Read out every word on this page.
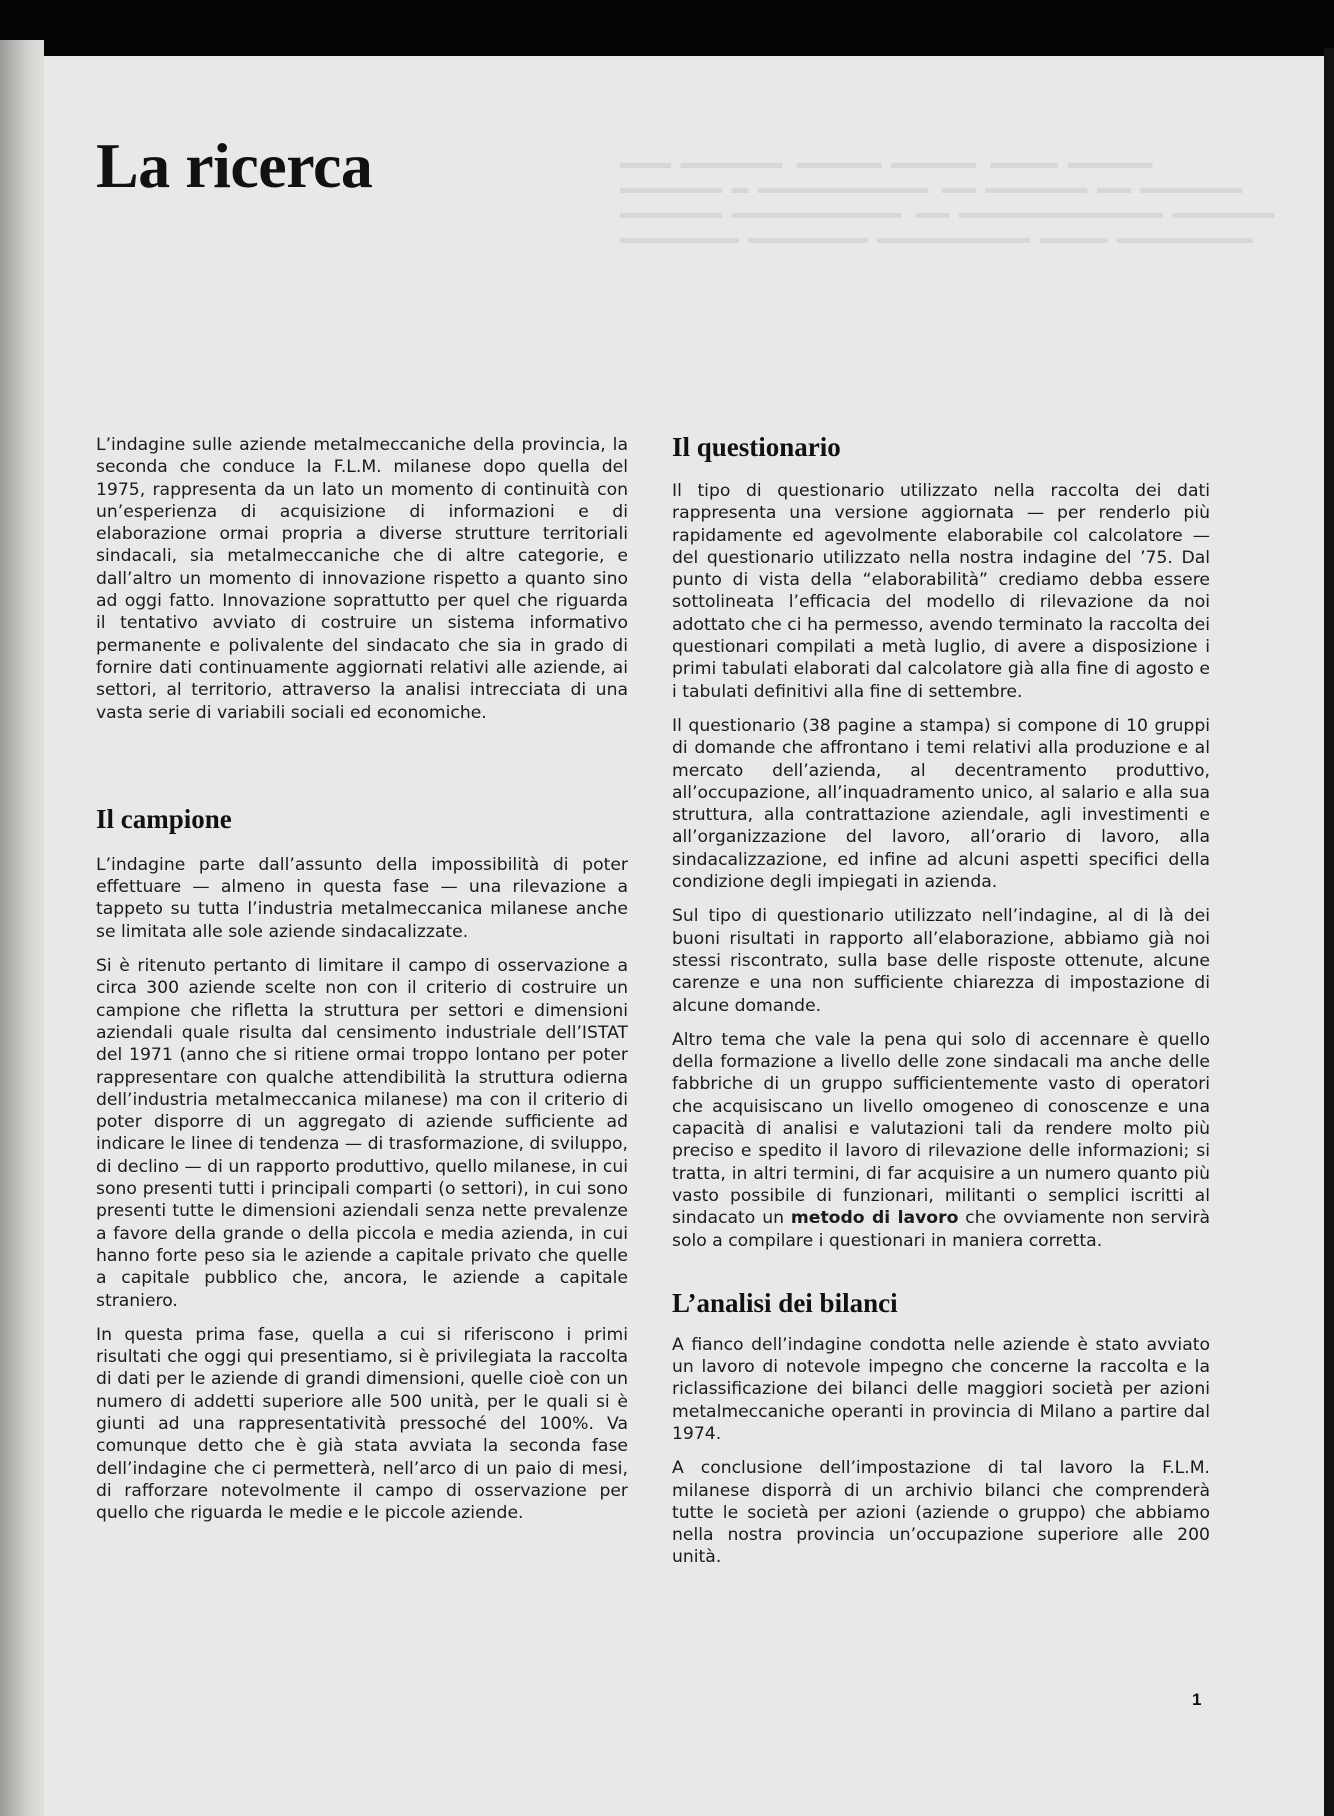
▬▬▬  ▬▬▬▬▬▬   ▬▬▬▬▬  ▬▬▬▬▬   ▬▬▬▬  ▬▬▬▬▬
▬▬▬▬▬▬  ▬  ▬▬▬▬▬▬▬▬▬▬   ▬▬  ▬▬▬▬▬▬  ▬▬  ▬▬▬▬▬▬
▬▬▬▬▬▬  ▬▬▬▬▬▬▬▬▬▬   ▬▬  ▬▬▬▬▬▬▬▬▬▬▬▬  ▬▬▬▬▬▬
▬▬▬▬▬▬▬  ▬▬▬▬▬▬▬  ▬▬▬▬▬▬▬▬▬  ▬▬▬▬  ▬▬▬▬▬▬▬▬
La ricerca

L’indagine sulle aziende metalmeccaniche della provincia, la seconda che conduce la F.L.M. milanese dopo quella del 1975, rappresenta da un lato un momento di continuità con un’esperienza di acquisizione di informazioni e di elaborazione ormai propria a diverse strutture territoriali sindacali, sia metalmeccaniche che di altre categorie, e dall’altro un momento di innovazione rispetto a quanto sino ad oggi fatto. Innovazione soprattutto per quel che riguarda il tentativo avviato di costruire un sistema informativo permanente e polivalente del sindacato che sia in grado di fornire dati continuamente aggiornati relativi alle aziende, ai settori, al territorio, attraverso la analisi intrecciata di una vasta serie di variabili sociali ed economiche.

Il campione

L’indagine parte dall’assunto della impossibilità di poter effettuare — almeno in questa fase — una rilevazione a tappeto su tutta l’industria metalmeccanica milanese anche se limitata alle sole aziende sindacalizzate.

Si è ritenuto pertanto di limitare il campo di osservazione a circa 300 aziende scelte non con il criterio di costruire un campione che rifletta la struttura per settori e dimensioni aziendali quale risulta dal censimento industriale dell’ISTAT del 1971 (anno che si ritiene ormai troppo lontano per poter rappresentare con qualche attendibilità la struttura odierna dell’industria metalmeccanica milanese) ma con il criterio di poter disporre di un aggregato di aziende sufficiente ad indicare le linee di tendenza — di trasformazione, di sviluppo, di declino — di un rapporto produttivo, quello milanese, in cui sono presenti tutti i principali comparti (o settori), in cui sono presenti tutte le dimensioni aziendali senza nette prevalenze a favore della grande o della piccola e media azienda, in cui hanno forte peso sia le aziende a capitale privato che quelle a capitale pubblico che, ancora, le aziende a capitale straniero.

In questa prima fase, quella a cui si riferiscono i primi risultati che oggi qui presentiamo, si è privilegiata la raccolta di dati per le aziende di grandi dimensioni, quelle cioè con un numero di addetti superiore alle 500 unità, per le quali si è giunti ad una rappresentatività pressoché del 100%. Va comunque detto che è già stata avviata la seconda fase dell’indagine che ci permetterà, nell’arco di un paio di mesi, di rafforzare notevolmente il campo di osservazione per quello che riguarda le medie e le piccole aziende.

Il questionario

Il tipo di questionario utilizzato nella raccolta dei dati rappresenta una versione aggiornata — per renderlo più rapidamente ed agevolmente elaborabile col calcolatore — del questionario utilizzato nella nostra indagine del ’75. Dal punto di vista della “elaborabilità” crediamo debba essere sottolineata l’efficacia del modello di rilevazione da noi adottato che ci ha permesso, avendo terminato la raccolta dei questionari compilati a metà luglio, di avere a disposizione i primi tabulati elaborati dal calcolatore già alla fine di agosto e i tabulati definitivi alla fine di settembre.

Il questionario (38 pagine a stampa) si compone di 10 gruppi di domande che affrontano i temi relativi alla produzione e al mercato dell’azienda, al decentramento produttivo, all’occupazione, all’inquadramento unico, al salario e alla sua struttura, alla contrattazione aziendale, agli investimenti e all’organizzazione del lavoro, all’orario di lavoro, alla sindacalizzazione, ed infine ad alcuni aspetti specifici della condizione degli impiegati in azienda.

Sul tipo di questionario utilizzato nell’indagine, al di là dei buoni risultati in rapporto all’elaborazione, abbiamo già noi stessi riscontrato, sulla base delle risposte ottenute, alcune carenze e una non sufficiente chiarezza di impostazione di alcune domande.

Altro tema che vale la pena qui solo di accennare è quello della formazione a livello delle zone sindacali ma anche delle fabbriche di un gruppo sufficientemente vasto di operatori che acquisiscano un livello omogeneo di conoscenze e una capacità di analisi e valutazioni tali da rendere molto più preciso e spedito il lavoro di rilevazione delle informazioni; si tratta, in altri termini, di far acquisire a un numero quanto più vasto possibile di funzionari, militanti o semplici iscritti al sindacato un metodo di lavoro che ovviamente non servirà solo a compilare i questionari in maniera corretta.

L’analisi dei bilanci

A fianco dell’indagine condotta nelle aziende è stato avviato un lavoro di notevole impegno che concerne la raccolta e la riclassificazione dei bilanci delle maggiori società per azioni metalmeccaniche operanti in provincia di Milano a partire dal 1974.

A conclusione dell’impostazione di tal lavoro la F.L.M. milanese disporrà di un archivio bilanci che comprenderà tutte le società per azioni (aziende o gruppo) che abbiamo nella nostra provincia un’occupazione superiore alle 200 unità.

1
